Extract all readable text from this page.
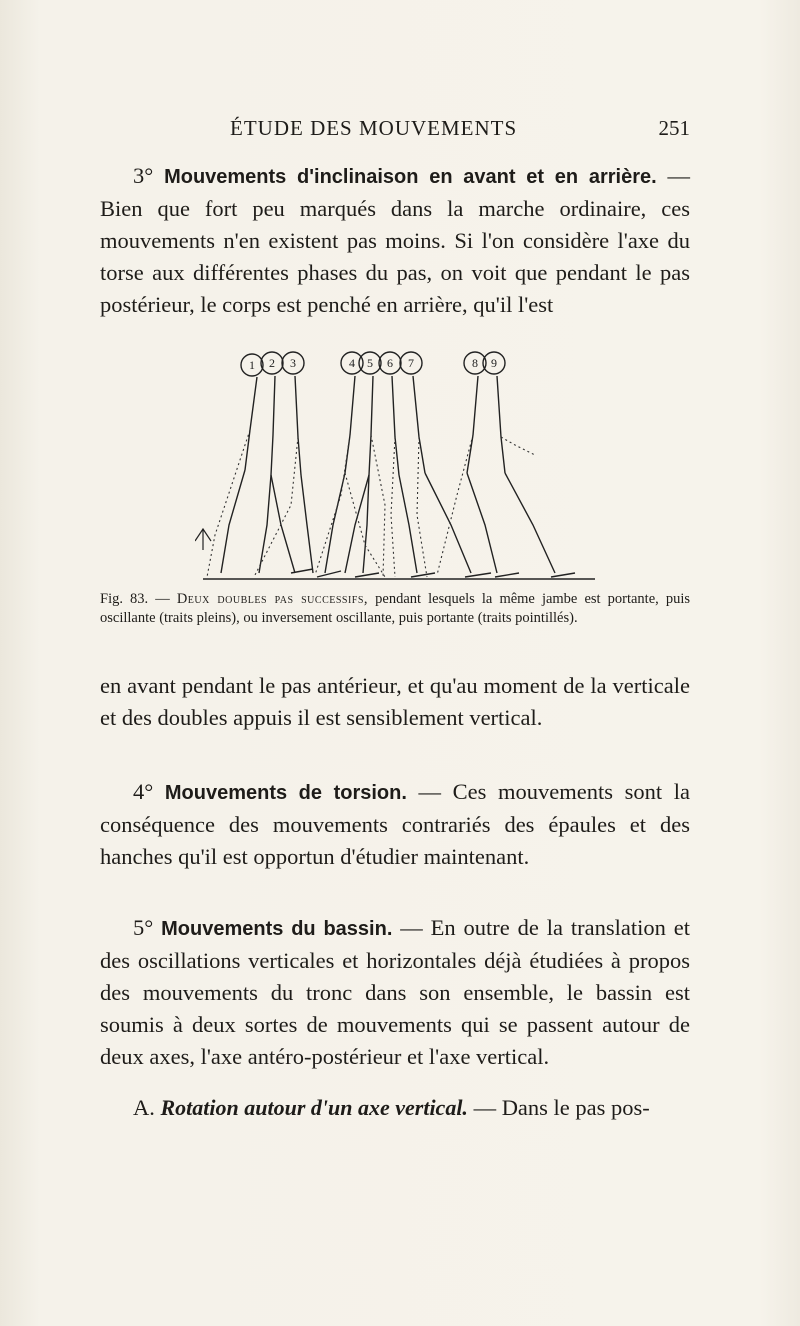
ÉTUDE DES MOUVEMENTS	251

3° Mouvements d'inclinaison en avant et en arrière. — Bien que fort peu marqués dans la marche ordinaire, ces mouvements n'en existent pas moins. Si l'on considère l'axe du torse aux différentes phases du pas, on voit que pendant le pas postérieur, le corps est penché en arrière, qu'il l'est

1 2 3	4 5 6 7	8 9
Fig. 83. — Deux doubles pas successifs, pendant lesquels la même jambe est portante, puis oscillante (traits pleins), ou inversement oscillante, puis portante (traits pointillés).

en avant pendant le pas antérieur, et qu'au moment de la verticale et des doubles appuis il est sensiblement vertical.

4° Mouvements de torsion. — Ces mouvements sont la conséquence des mouvements contrariés des épaules et des hanches qu'il est opportun d'étudier maintenant.

5° Mouvements du bassin. — En outre de la translation et des oscillations verticales et horizontales déjà étudiées à propos des mouvements du tronc dans son ensemble, le bassin est soumis à deux sortes de mouvements qui se passent autour de deux axes, l'axe antéro-postérieur et l'axe vertical.

A. Rotation autour d'un axe vertical. — Dans le pas pos-
